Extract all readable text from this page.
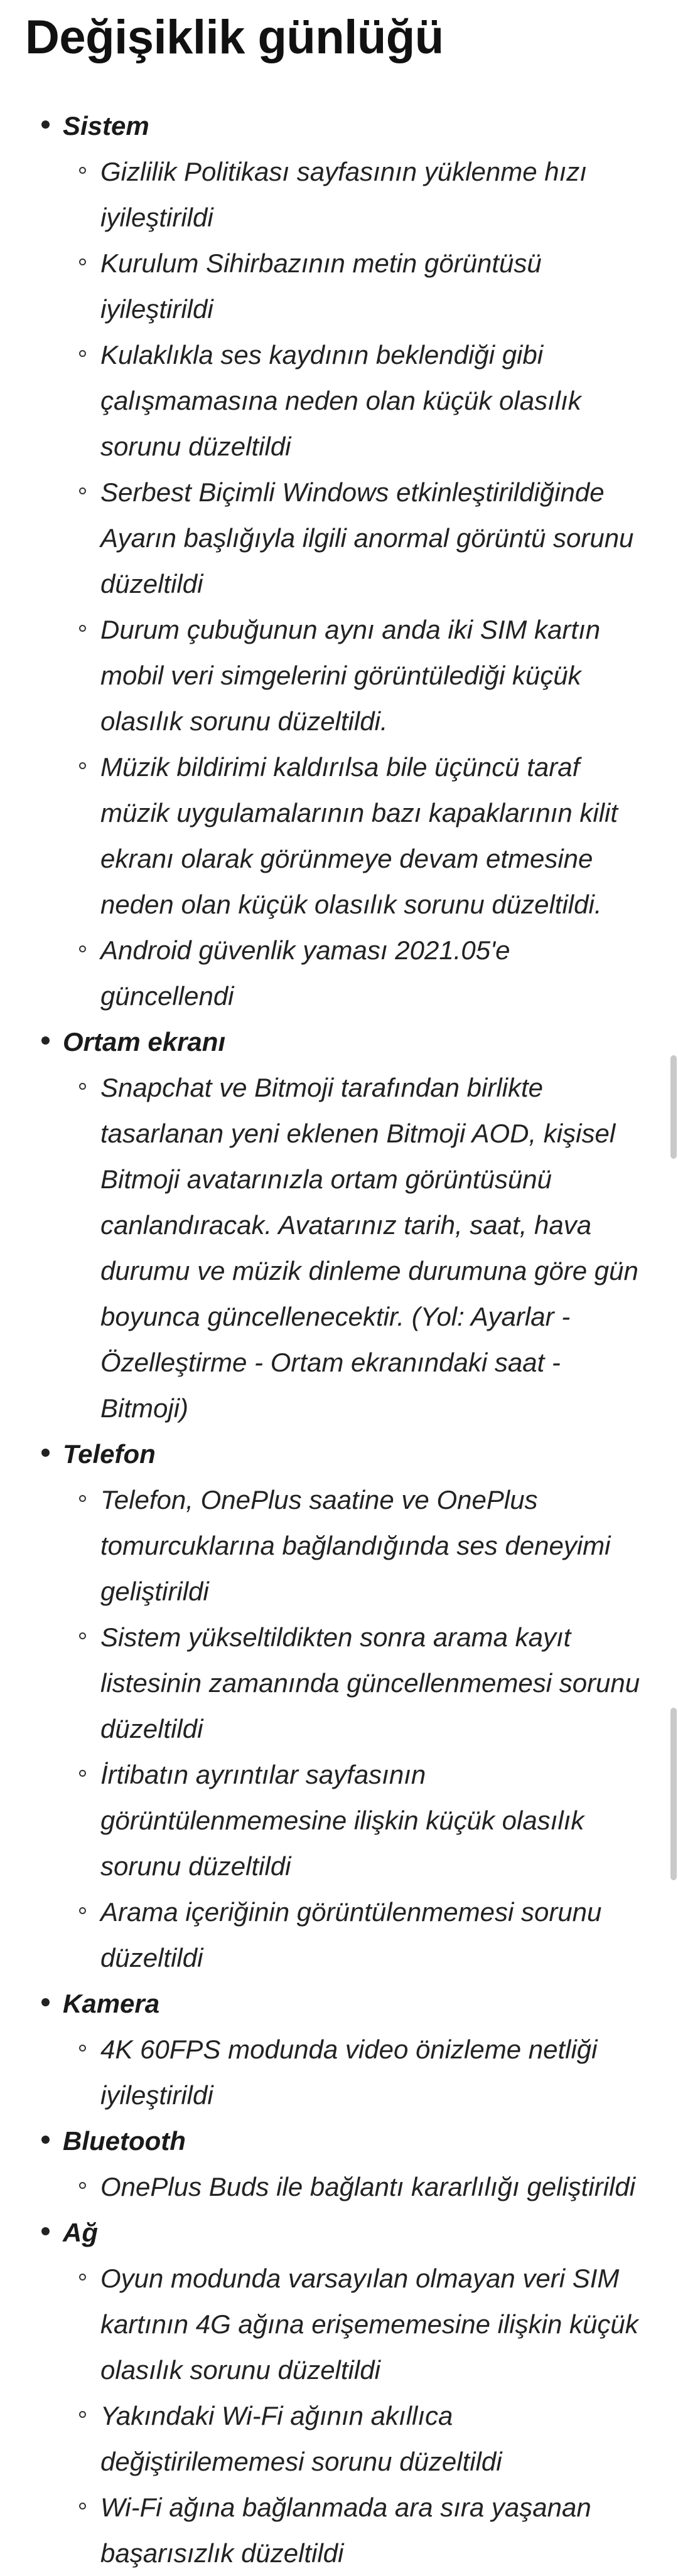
Değişiklik günlüğü
Sistem
Gizlilik Politikası sayfasının yüklenme hızı iyileştirildi
Kurulum Sihirbazının metin görüntüsü iyileştirildi
Kulaklıkla ses kaydının beklendiği gibi çalışmamasına neden olan küçük olasılık sorunu düzeltildi
Serbest Biçimli Windows etkinleştirildiğinde Ayarın başlığıyla ilgili anormal görüntü sorunu düzeltildi
Durum çubuğunun aynı anda iki SIM kartın mobil veri simgelerini görüntülediği küçük olasılık sorunu düzeltildi.
Müzik bildirimi kaldırılsa bile üçüncü taraf müzik uygulamalarının bazı kapaklarının kilit ekranı olarak görünmeye devam etmesine neden olan küçük olasılık sorunu düzeltildi.
Android güvenlik yaması 2021.05'e güncellendi
Ortam ekranı
Snapchat ve Bitmoji tarafından birlikte tasarlanan yeni eklenen Bitmoji AOD, kişisel Bitmoji avatarınızla ortam görüntüsünü canlandıracak. Avatarınız tarih, saat, hava durumu ve müzik dinleme durumuna göre gün boyunca güncellenecektir. (Yol: Ayarlar - Özelleştirme - Ortam ekranındaki saat - Bitmoji)
Telefon
Telefon, OnePlus saatine ve OnePlus tomurcuklarına bağlandığında ses deneyimi geliştirildi
Sistem yükseltildikten sonra arama kayıt listesinin zamanında güncellenmemesi sorunu düzeltildi
İrtibatın ayrıntılar sayfasının görüntülenmemesine ilişkin küçük olasılık sorunu düzeltildi
Arama içeriğinin görüntülenmemesi sorunu düzeltildi
Kamera
4K 60FPS modunda video önizleme netliği iyileştirildi
Bluetooth
OnePlus Buds ile bağlantı kararlılığı geliştirildi
Ağ
Oyun modunda varsayılan olmayan veri SIM kartının 4G ağına erişememesine ilişkin küçük olasılık sorunu düzeltildi
Yakındaki Wi-Fi ağının akıllıca değiştirilememesi sorunu düzeltildi
Wi-Fi ağına bağlanmada ara sıra yaşanan başarısızlık düzeltildi
